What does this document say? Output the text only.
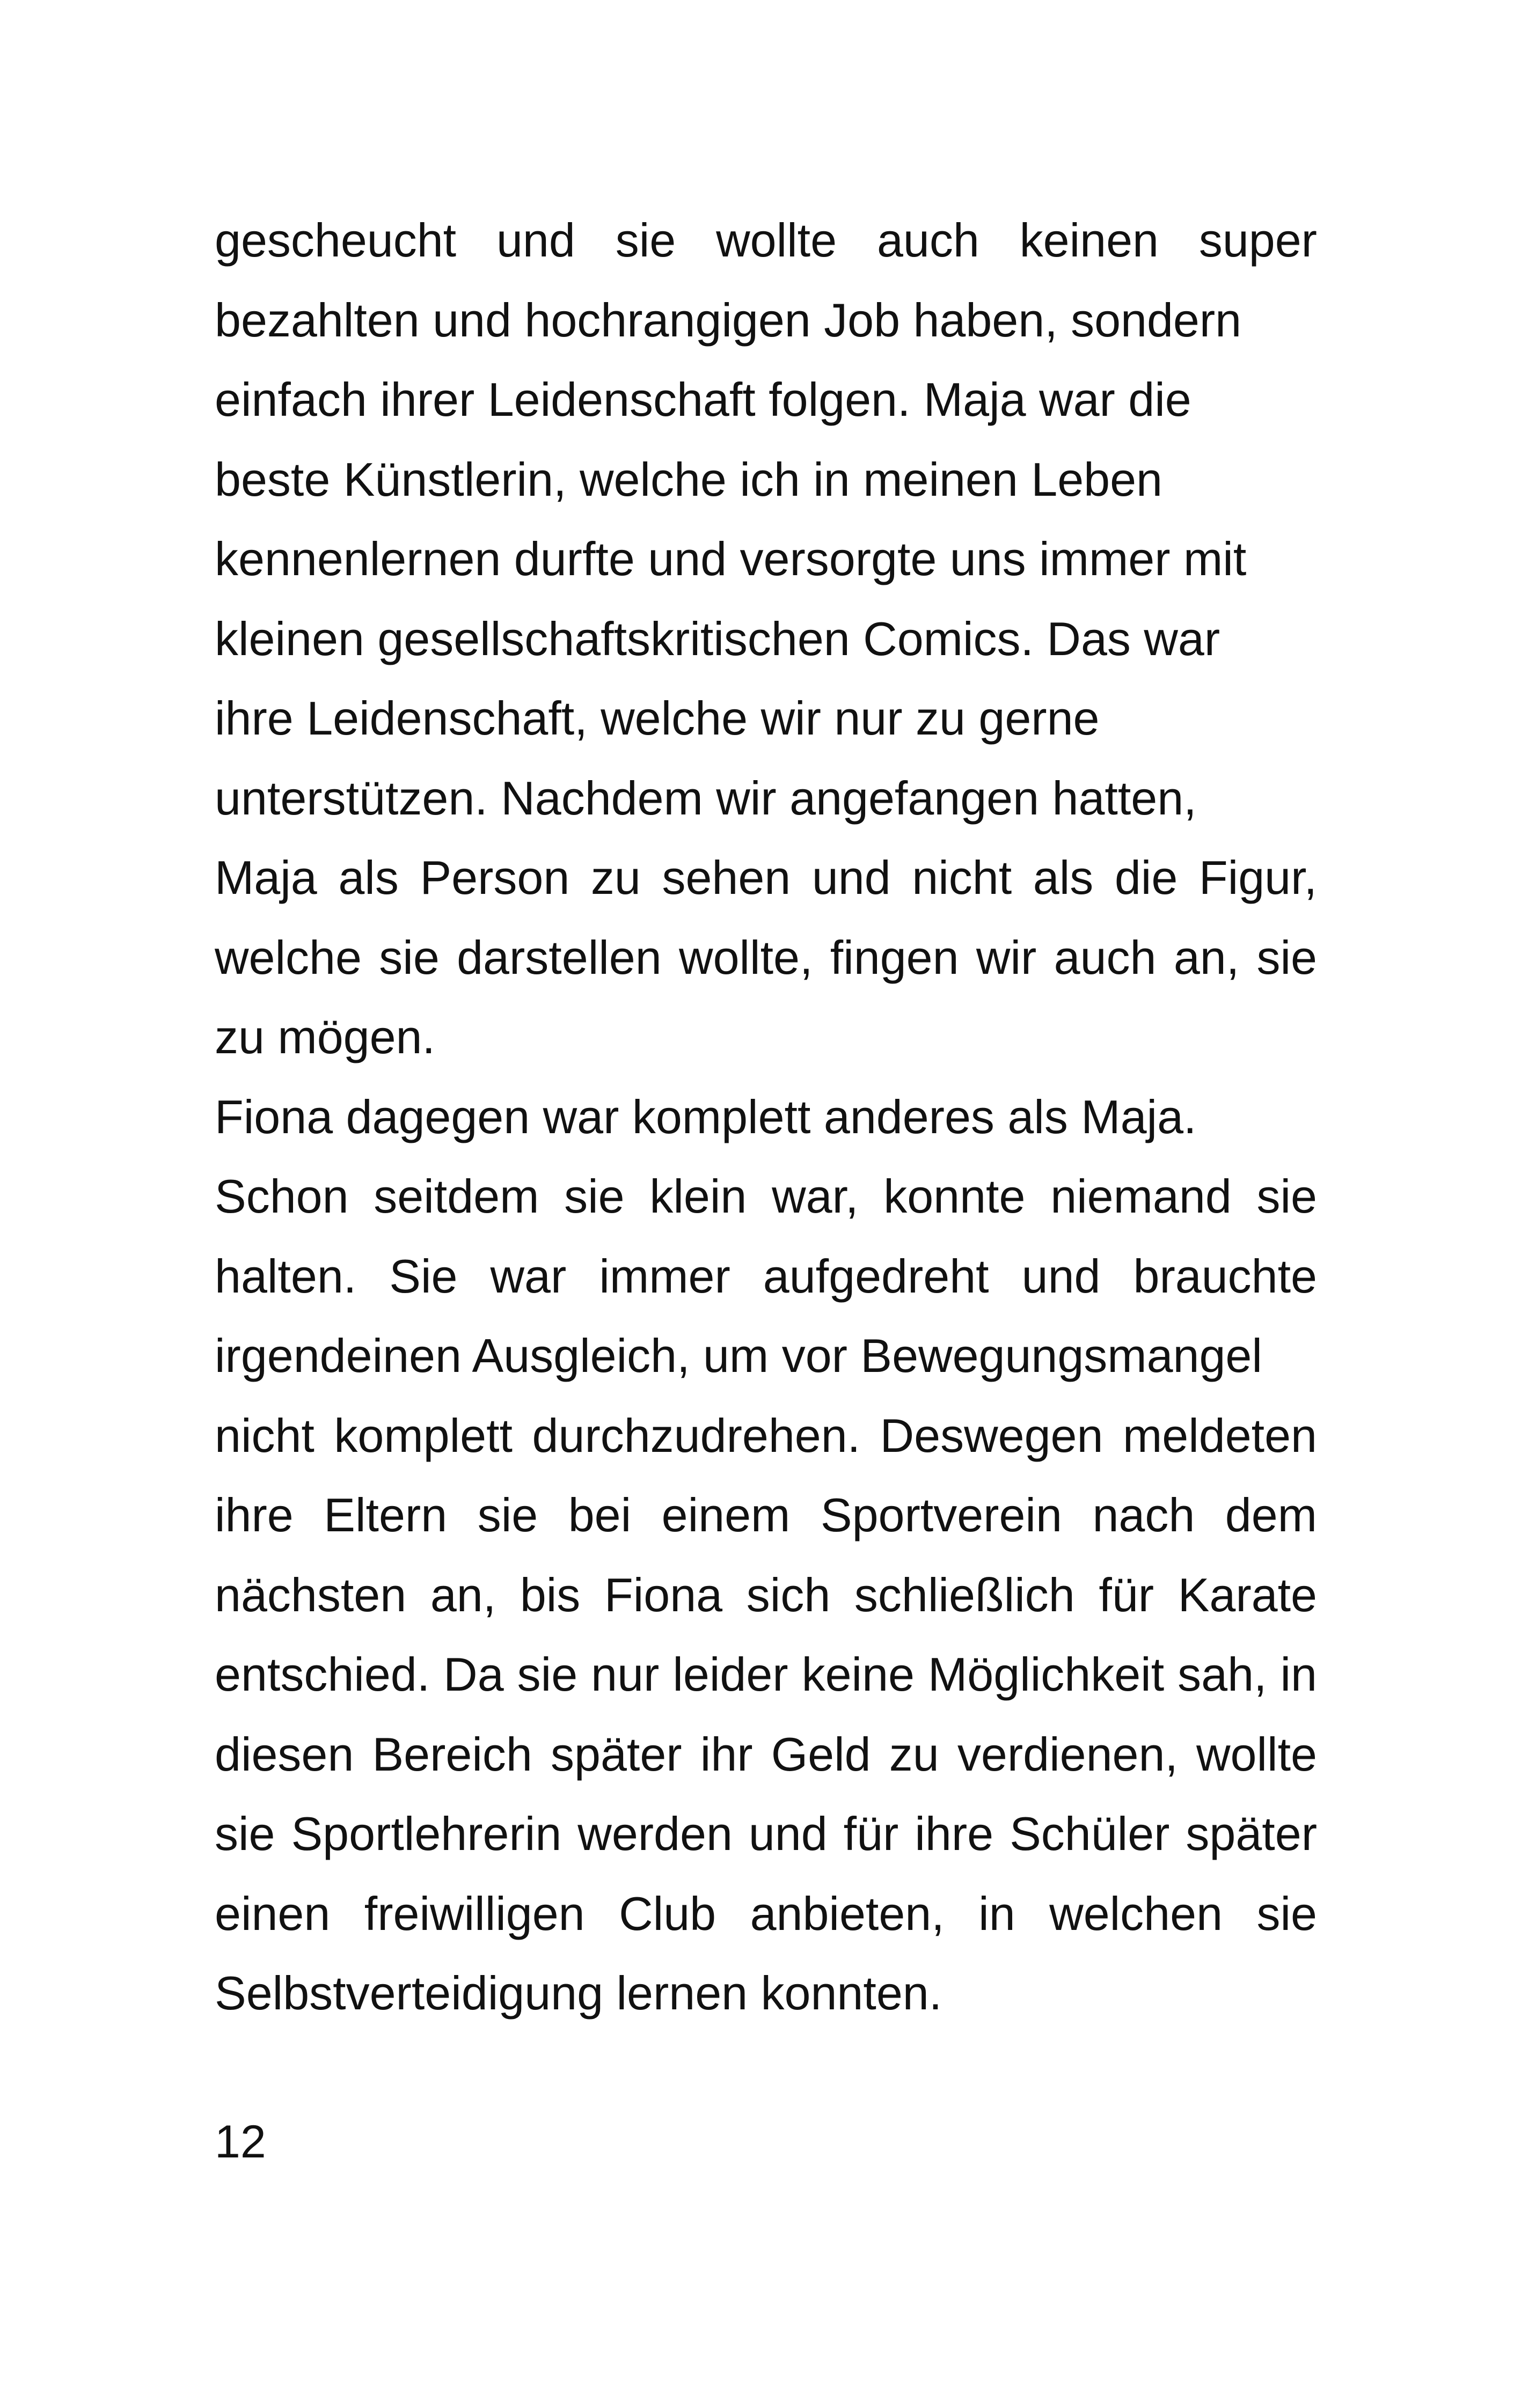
gescheucht und sie wollte auch keinen super
bezahlten und hochrangigen Job haben, sondern
einfach ihrer Leidenschaft folgen. Maja war die
beste Künstlerin, welche ich in meinen Leben
kennenlernen durfte und versorgte uns immer mit
kleinen gesellschaftskritischen Comics. Das war
ihre Leidenschaft, welche wir nur zu gerne
unterstützen. Nachdem wir angefangen hatten,
Maja als Person zu sehen und nicht als die Figur,
welche sie darstellen wollte, fingen wir auch an, sie
zu mögen.
Fiona dagegen war komplett anderes als Maja.
Schon seitdem sie klein war, konnte niemand sie
halten. Sie war immer aufgedreht und brauchte
irgendeinen Ausgleich, um vor Bewegungsmangel
nicht komplett durchzudrehen. Deswegen meldeten
ihre Eltern sie bei einem Sportverein nach dem
nächsten an, bis Fiona sich schließlich für Karate
entschied. Da sie nur leider keine Möglichkeit sah, in
diesen Bereich später ihr Geld zu verdienen, wollte
sie Sportlehrerin werden und für ihre Schüler später
einen freiwilligen Club anbieten, in welchen sie
Selbstverteidigung lernen konnten.
12
